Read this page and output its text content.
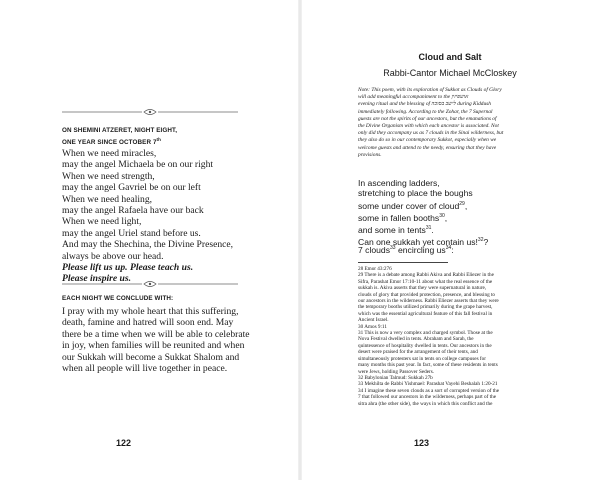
ON SHEMINI ATZERET, NIGHT EIGHT,
ONE YEAR SINCE OCTOBER 7th
When we need miracles,
may the angel Michaela be on our right
When we need strength,
may the angel Gavriel be on our left
When we need healing,
may the angel Rafaela have our back
When we need light,
may the angel Uriel stand before us.
And may the Shechina, the Divine Presence,
always be above our head.
Please lift us up. Please teach us.
Please inspire us.
EACH NIGHT WE CONCLUDE WITH:
I pray with my whole heart that this suffering,
death, famine and hatred will soon end. May
there be a time when we will be able to celebrate
in joy, when families will be reunited and when
our Sukkah will become a Sukkat Shalom and
when all people will live together in peace.
122
Cloud and Salt
Rabbi-Cantor Michael McCloskey
Note: This poem, with its exploration of Sukkot as Clouds of Glory
will add meaningful accompaniment to the אושפיזין
evening ritual and the blessing of לישב בסוכה during Kiddush
immediately following. According to the Zohar, the 7 Supernal
guests are not the spirits of our ancestors, but the emanations of
the Divine Organism with which each ancestor is associated. Not
only did they accompany us as 7 clouds in the Sinai wilderness, but
they also do so in our contemporary Sukkot, especially when we
welcome guests and attend to the needy, ensuring that they have
provisions.
In ascending ladders,
stretching to place the boughs
some under cover of cloud$^{29}$,
some in fallen booths$^{30}$,
and some in tents$^{31}$.
Can one sukkah yet contain us!$^{32}$?
7 clouds$^{33}$ encircling $us^{34}$:
28 Emor 43:276
29 There is a debate among Rabbi Akiva and Rabbi Eliezer in the
Sifra, Parashat Emor 17:10-11 about what the real essence of the
sukkah is. Akiva asserts that they were supernatural in nature,
clouds of glory that provided protection, presence, and blessing to
our ancestors in the wilderness. Rabbi Eliezer asserts that they were
the temporary booths utilized primarily during the grape harvest,
which was the essential agricultural feature of this fall festival in
Ancient Israel.
30 Amos 9:11
31 This is now a very complex and charged symbol. Those at the
Nova Festival dwelled in tents. Abraham and Sarah, the
quintessence of hospitality dwelled in tents. Our ancestors in the
desert were praised for the arrangement of their tents, and
simultaneously protesters sat in tents on college campuses for
many months this past year. In fact, some of these residents in tents
were Jews, holding Passover Seders.
32 Babylonian Talmud: Sukkah 27b
33 Mekhilta de Rabbi Yishmael: Parashat Vayehi Beshalah 1:20-21
34 I imagine these seven clouds as a sort of corrupted version of the
7 that followed our ancestors in the wilderness, perhaps part of the
sitra ahra (the other side), the ways in which this conflict and the
123
